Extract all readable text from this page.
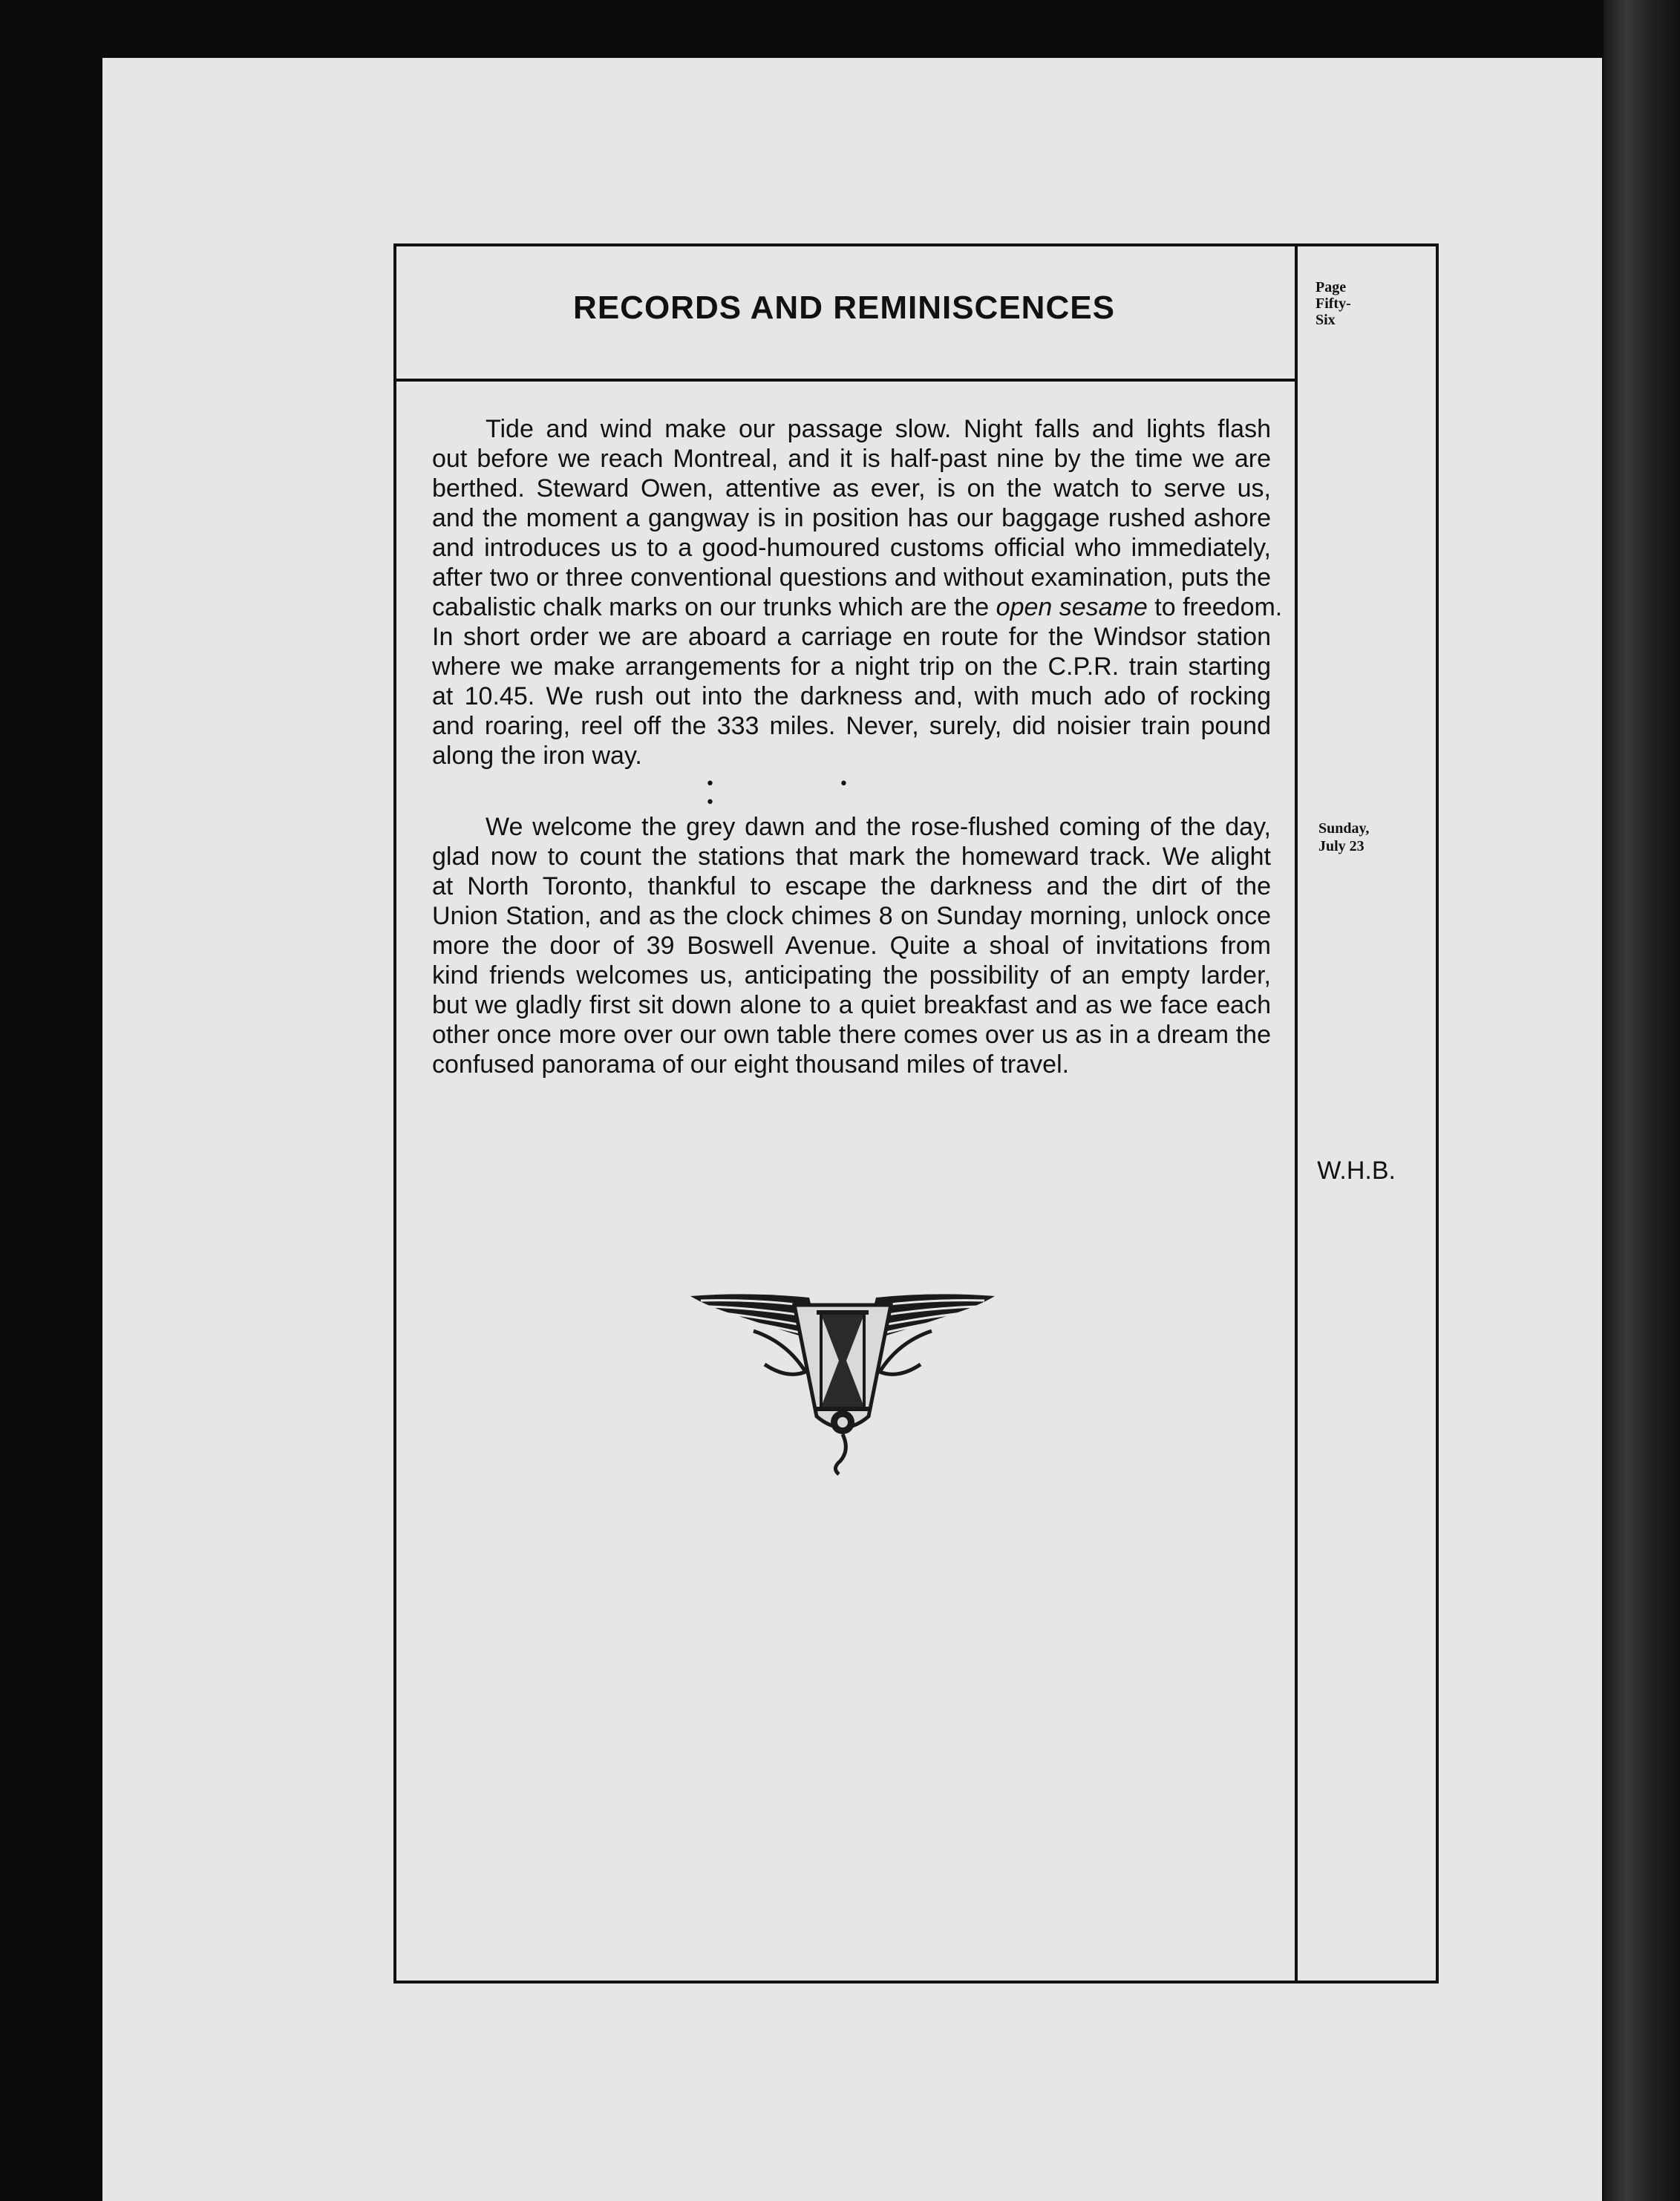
RECORDS AND REMINISCENCES
Page
Fifty-
Six
Tide and wind make our passage slow. Night falls and lights flash
out before we reach Montreal, and it is half-past nine by the time we are
berthed. Steward Owen, attentive as ever, is on the watch to serve us,
and the moment a gangway is in position has our baggage rushed ashore
and introduces us to a good-humoured customs official who immediately,
after two or three conventional questions and without examination, puts the
cabalistic chalk marks on our trunks which are the open sesame to freedom.
In short order we are aboard a carriage en route for the Windsor station
where we make arrangements for a night trip on the C.P.R. train starting
at 10.45. We rush out into the darkness and, with much ado of rocking
and roaring, reel off the 333 miles. Never, surely, did noisier train pound
along the iron way.
• • •
Sunday,
July 23
We welcome the grey dawn and the rose-flushed coming of the day,
glad now to count the stations that mark the homeward track. We alight
at North Toronto, thankful to escape the darkness and the dirt of the
Union Station, and as the clock chimes 8 on Sunday morning, unlock once
more the door of 39 Boswell Avenue. Quite a shoal of invitations from
kind friends welcomes us, anticipating the possibility of an empty larder,
but we gladly first sit down alone to a quiet breakfast and as we face each
other once more over our own table there comes over us as in a dream the
confused panorama of our eight thousand miles of travel.
W.H.B.
